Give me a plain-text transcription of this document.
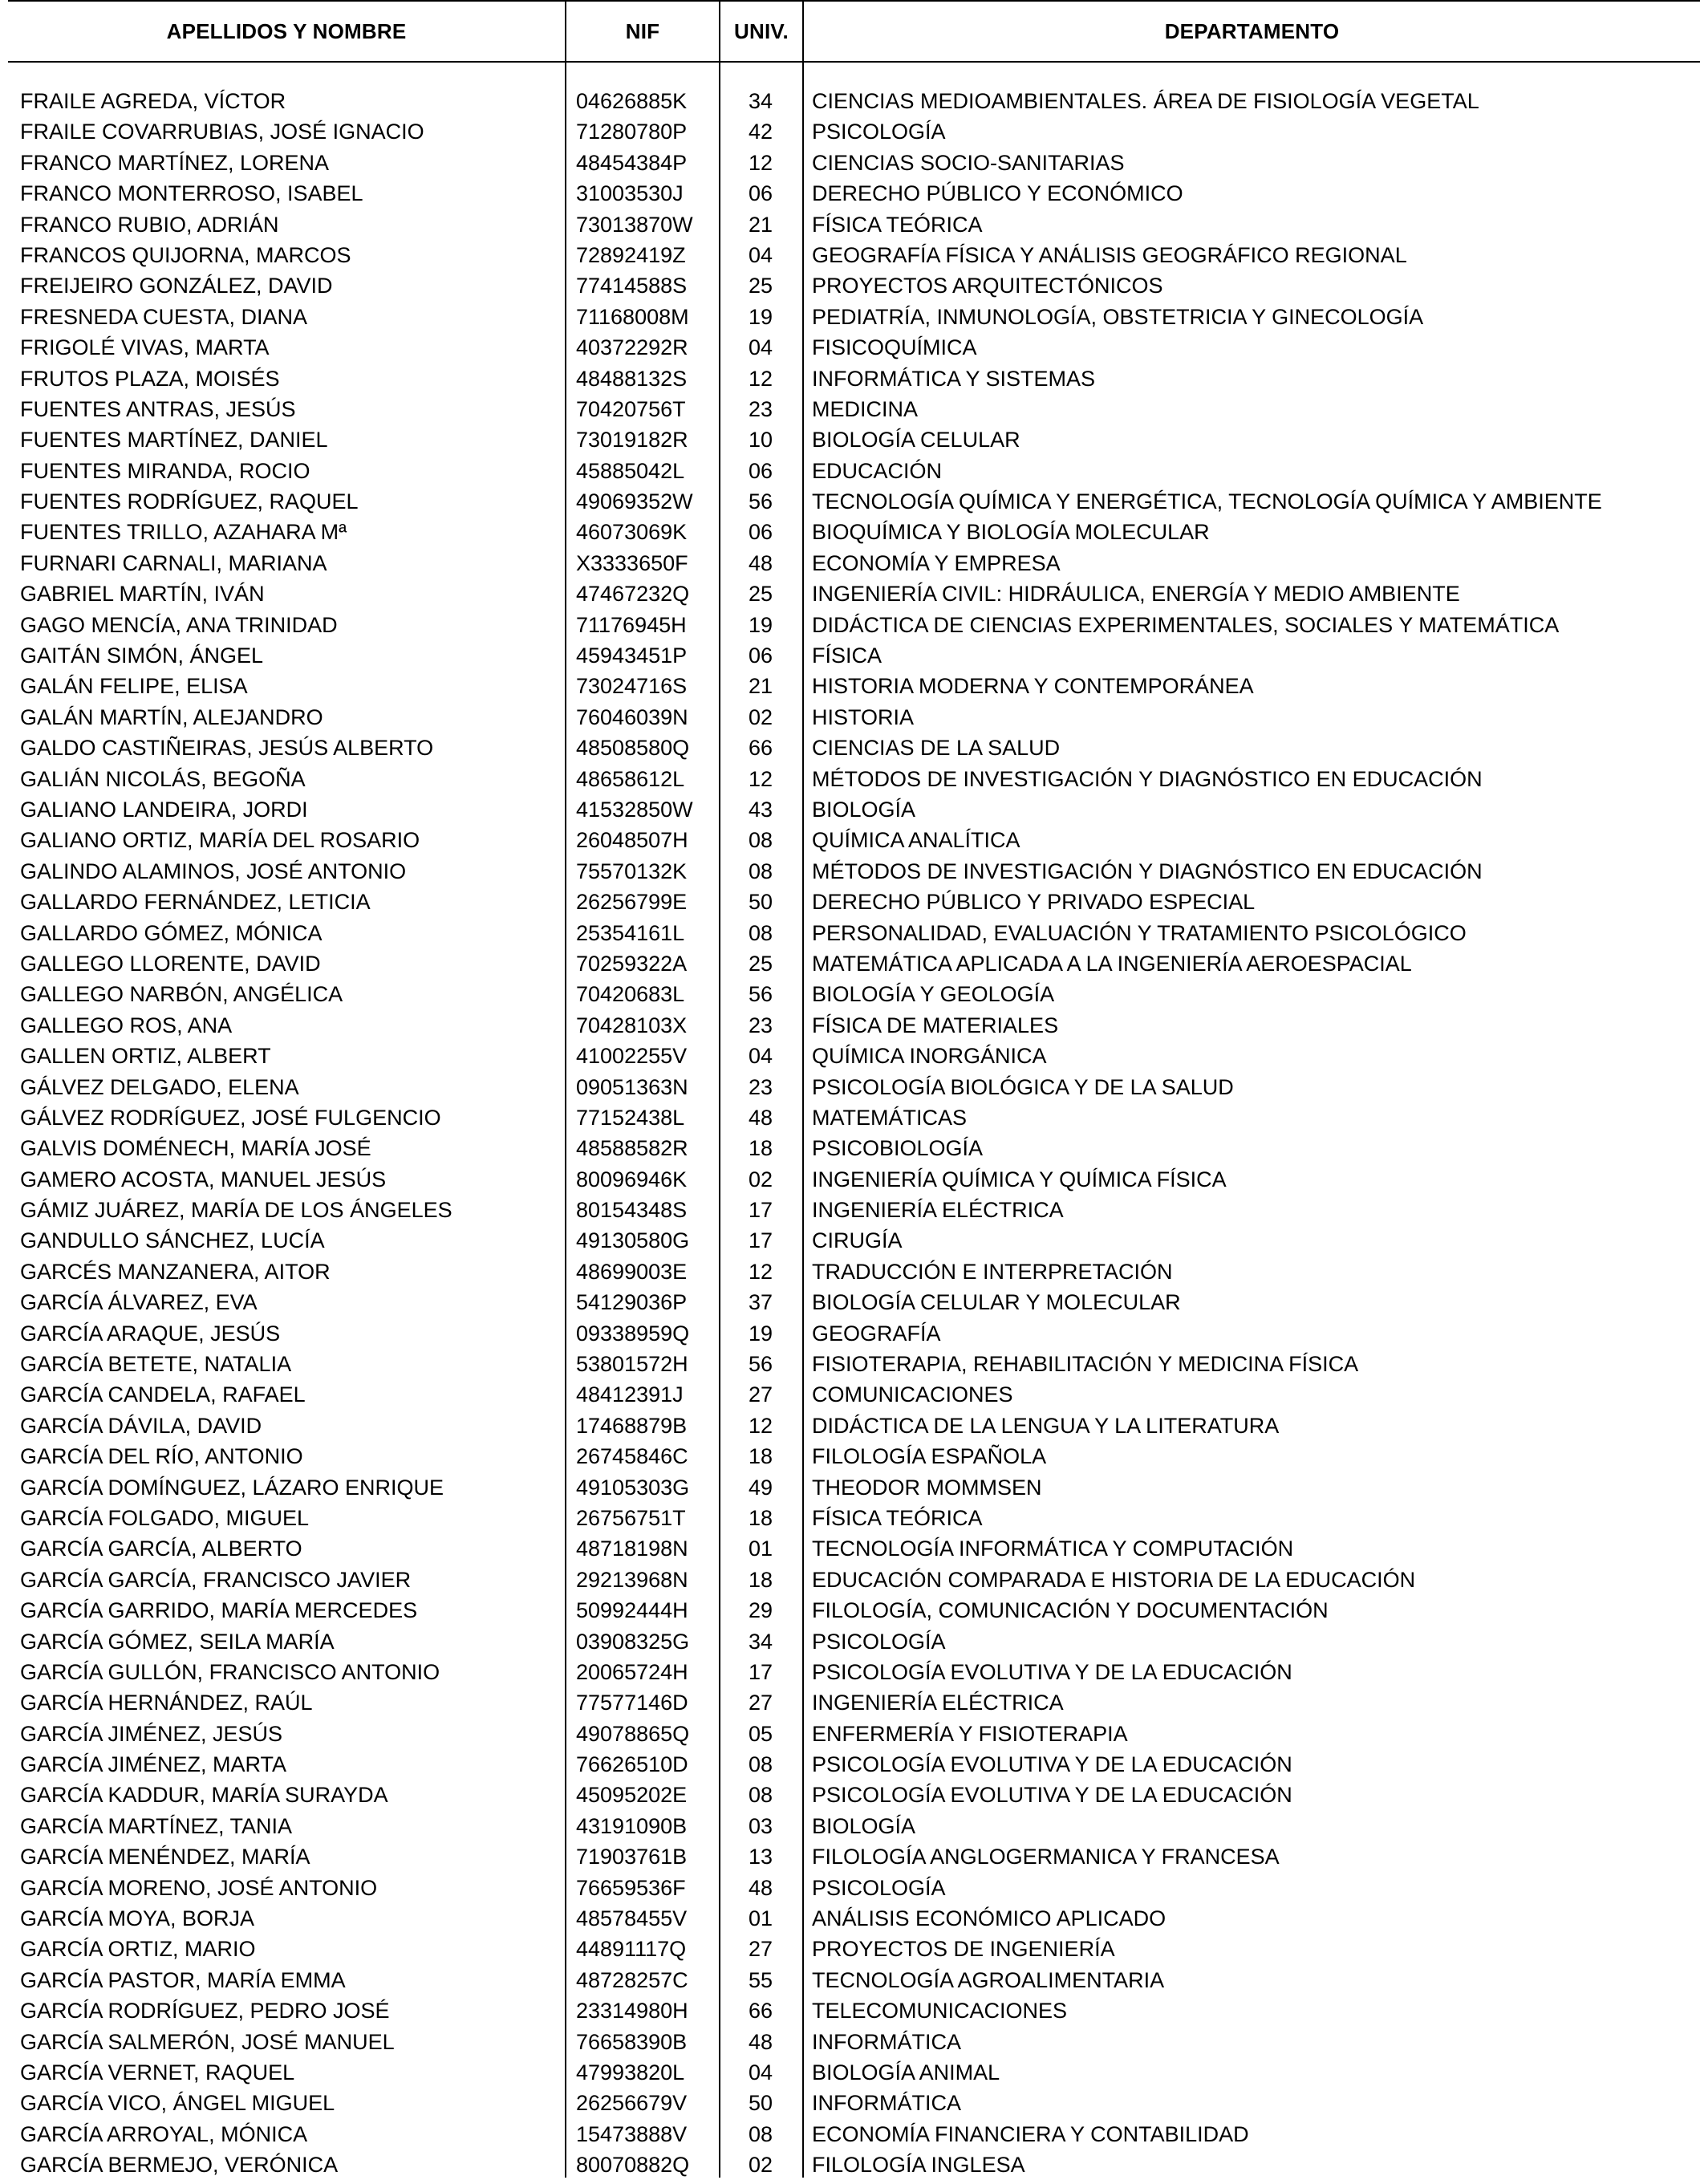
APELLIDOS Y NOMBRE	NIF	UNIV.	DEPARTAMENTO
FRAILE AGREDA, VÍCTOR	04626885K	34	CIENCIAS MEDIOAMBIENTALES. ÁREA DE FISIOLOGÍA VEGETAL
FRAILE COVARRUBIAS, JOSÉ IGNACIO	71280780P	42	PSICOLOGÍA
FRANCO MARTÍNEZ, LORENA	48454384P	12	CIENCIAS SOCIO-SANITARIAS
FRANCO MONTERROSO, ISABEL	31003530J	06	DERECHO PÚBLICO Y ECONÓMICO
FRANCO RUBIO, ADRIÁN	73013870W	21	FÍSICA TEÓRICA
FRANCOS QUIJORNA, MARCOS	72892419Z	04	GEOGRAFÍA FÍSICA Y ANÁLISIS GEOGRÁFICO REGIONAL
FREIJEIRO GONZÁLEZ, DAVID	77414588S	25	PROYECTOS ARQUITECTÓNICOS
FRESNEDA CUESTA, DIANA	71168008M	19	PEDIATRÍA, INMUNOLOGÍA, OBSTETRICIA Y GINECOLOGÍA
FRIGOLÉ VIVAS, MARTA	40372292R	04	FISICOQUÍMICA
FRUTOS PLAZA, MOISÉS	48488132S	12	INFORMÁTICA Y SISTEMAS
FUENTES ANTRAS, JESÚS	70420756T	23	MEDICINA
FUENTES MARTÍNEZ, DANIEL	73019182R	10	BIOLOGÍA CELULAR
FUENTES MIRANDA, ROCIO	45885042L	06	EDUCACIÓN
FUENTES RODRÍGUEZ, RAQUEL	49069352W	56	TECNOLOGÍA QUÍMICA Y ENERGÉTICA, TECNOLOGÍA QUÍMICA Y AMBIENTE
FUENTES TRILLO, AZAHARA Mª	46073069K	06	BIOQUÍMICA Y BIOLOGÍA MOLECULAR
FURNARI CARNALI, MARIANA	X3333650F	48	ECONOMÍA Y EMPRESA
GABRIEL MARTÍN, IVÁN	47467232Q	25	INGENIERÍA CIVIL: HIDRÁULICA, ENERGÍA Y MEDIO AMBIENTE
GAGO MENCÍA, ANA TRINIDAD	71176945H	19	DIDÁCTICA DE CIENCIAS EXPERIMENTALES, SOCIALES Y MATEMÁTICA
GAITÁN SIMÓN, ÁNGEL	45943451P	06	FÍSICA
GALÁN FELIPE, ELISA	73024716S	21	HISTORIA MODERNA Y CONTEMPORÁNEA
GALÁN MARTÍN, ALEJANDRO	76046039N	02	HISTORIA
GALDO CASTIÑEIRAS, JESÚS ALBERTO	48508580Q	66	CIENCIAS DE LA SALUD
GALIÁN NICOLÁS, BEGOÑA	48658612L	12	MÉTODOS DE INVESTIGACIÓN Y DIAGNÓSTICO EN EDUCACIÓN
GALIANO LANDEIRA, JORDI	41532850W	43	BIOLOGÍA
GALIANO ORTIZ, MARÍA DEL ROSARIO	26048507H	08	QUÍMICA ANALÍTICA
GALINDO ALAMINOS, JOSÉ ANTONIO	75570132K	08	MÉTODOS DE INVESTIGACIÓN Y DIAGNÓSTICO EN EDUCACIÓN
GALLARDO FERNÁNDEZ, LETICIA	26256799E	50	DERECHO PÚBLICO Y PRIVADO ESPECIAL
GALLARDO GÓMEZ, MÓNICA	25354161L	08	PERSONALIDAD, EVALUACIÓN Y TRATAMIENTO PSICOLÓGICO
GALLEGO LLORENTE, DAVID	70259322A	25	MATEMÁTICA APLICADA A LA INGENIERÍA AEROESPACIAL
GALLEGO NARBÓN, ANGÉLICA	70420683L	56	BIOLOGÍA Y GEOLOGÍA
GALLEGO ROS, ANA	70428103X	23	FÍSICA DE MATERIALES
GALLEN ORTIZ, ALBERT	41002255V	04	QUÍMICA INORGÁNICA
GÁLVEZ DELGADO, ELENA	09051363N	23	PSICOLOGÍA BIOLÓGICA Y DE LA SALUD
GÁLVEZ RODRÍGUEZ, JOSÉ FULGENCIO	77152438L	48	MATEMÁTICAS
GALVIS DOMÉNECH, MARÍA JOSÉ	48588582R	18	PSICOBIOLOGÍA
GAMERO ACOSTA, MANUEL JESÚS	80096946K	02	INGENIERÍA QUÍMICA Y QUÍMICA FÍSICA
GÁMIZ JUÁREZ, MARÍA DE LOS ÁNGELES	80154348S	17	INGENIERÍA ELÉCTRICA
GANDULLO SÁNCHEZ, LUCÍA	49130580G	17	CIRUGÍA
GARCÉS MANZANERA, AITOR	48699003E	12	TRADUCCIÓN E INTERPRETACIÓN
GARCÍA ÁLVAREZ, EVA	54129036P	37	BIOLOGÍA CELULAR Y MOLECULAR
GARCÍA ARAQUE, JESÚS	09338959Q	19	GEOGRAFÍA
GARCÍA BETETE, NATALIA	53801572H	56	FISIOTERAPIA, REHABILITACIÓN Y MEDICINA FÍSICA
GARCÍA CANDELA, RAFAEL	48412391J	27	COMUNICACIONES
GARCÍA DÁVILA, DAVID	17468879B	12	DIDÁCTICA DE LA LENGUA Y LA LITERATURA
GARCÍA DEL RÍO, ANTONIO	26745846C	18	FILOLOGÍA ESPAÑOLA
GARCÍA DOMÍNGUEZ, LÁZARO ENRIQUE	49105303G	49	THEODOR MOMMSEN
GARCÍA FOLGADO, MIGUEL	26756751T	18	FÍSICA TEÓRICA
GARCÍA GARCÍA, ALBERTO	48718198N	01	TECNOLOGÍA INFORMÁTICA Y COMPUTACIÓN
GARCÍA GARCÍA, FRANCISCO JAVIER	29213968N	18	EDUCACIÓN COMPARADA E HISTORIA DE LA EDUCACIÓN
GARCÍA GARRIDO, MARÍA MERCEDES	50992444H	29	FILOLOGÍA, COMUNICACIÓN Y DOCUMENTACIÓN
GARCÍA GÓMEZ, SEILA MARÍA	03908325G	34	PSICOLOGÍA
GARCÍA GULLÓN, FRANCISCO ANTONIO	20065724H	17	PSICOLOGÍA EVOLUTIVA Y DE LA EDUCACIÓN
GARCÍA HERNÁNDEZ, RAÚL	77577146D	27	INGENIERÍA ELÉCTRICA
GARCÍA JIMÉNEZ, JESÚS	49078865Q	05	ENFERMERÍA Y FISIOTERAPIA
GARCÍA JIMÉNEZ, MARTA	76626510D	08	PSICOLOGÍA EVOLUTIVA Y DE LA EDUCACIÓN
GARCÍA KADDUR, MARÍA SURAYDA	45095202E	08	PSICOLOGÍA EVOLUTIVA Y DE LA EDUCACIÓN
GARCÍA MARTÍNEZ, TANIA	43191090B	03	BIOLOGÍA
GARCÍA MENÉNDEZ, MARÍA	71903761B	13	FILOLOGÍA ANGLOGERMANICA Y FRANCESA
GARCÍA MORENO, JOSÉ ANTONIO	76659536F	48	PSICOLOGÍA
GARCÍA MOYA, BORJA	48578455V	01	ANÁLISIS ECONÓMICO APLICADO
GARCÍA ORTIZ, MARIO	44891117Q	27	PROYECTOS DE INGENIERÍA
GARCÍA PASTOR, MARÍA EMMA	48728257C	55	TECNOLOGÍA AGROALIMENTARIA
GARCÍA RODRÍGUEZ, PEDRO JOSÉ	23314980H	66	TELECOMUNICACIONES
GARCÍA SALMERÓN, JOSÉ MANUEL	76658390B	48	INFORMÁTICA
GARCÍA VERNET, RAQUEL	47993820L	04	BIOLOGÍA ANIMAL
GARCÍA VICO, ÁNGEL MIGUEL	26256679V	50	INFORMÁTICA
GARCÍA ARROYAL, MÓNICA	15473888V	08	ECONOMÍA FINANCIERA Y CONTABILIDAD
GARCÍA BERMEJO, VERÓNICA	80070882Q	02	FILOLOGÍA INGLESA
